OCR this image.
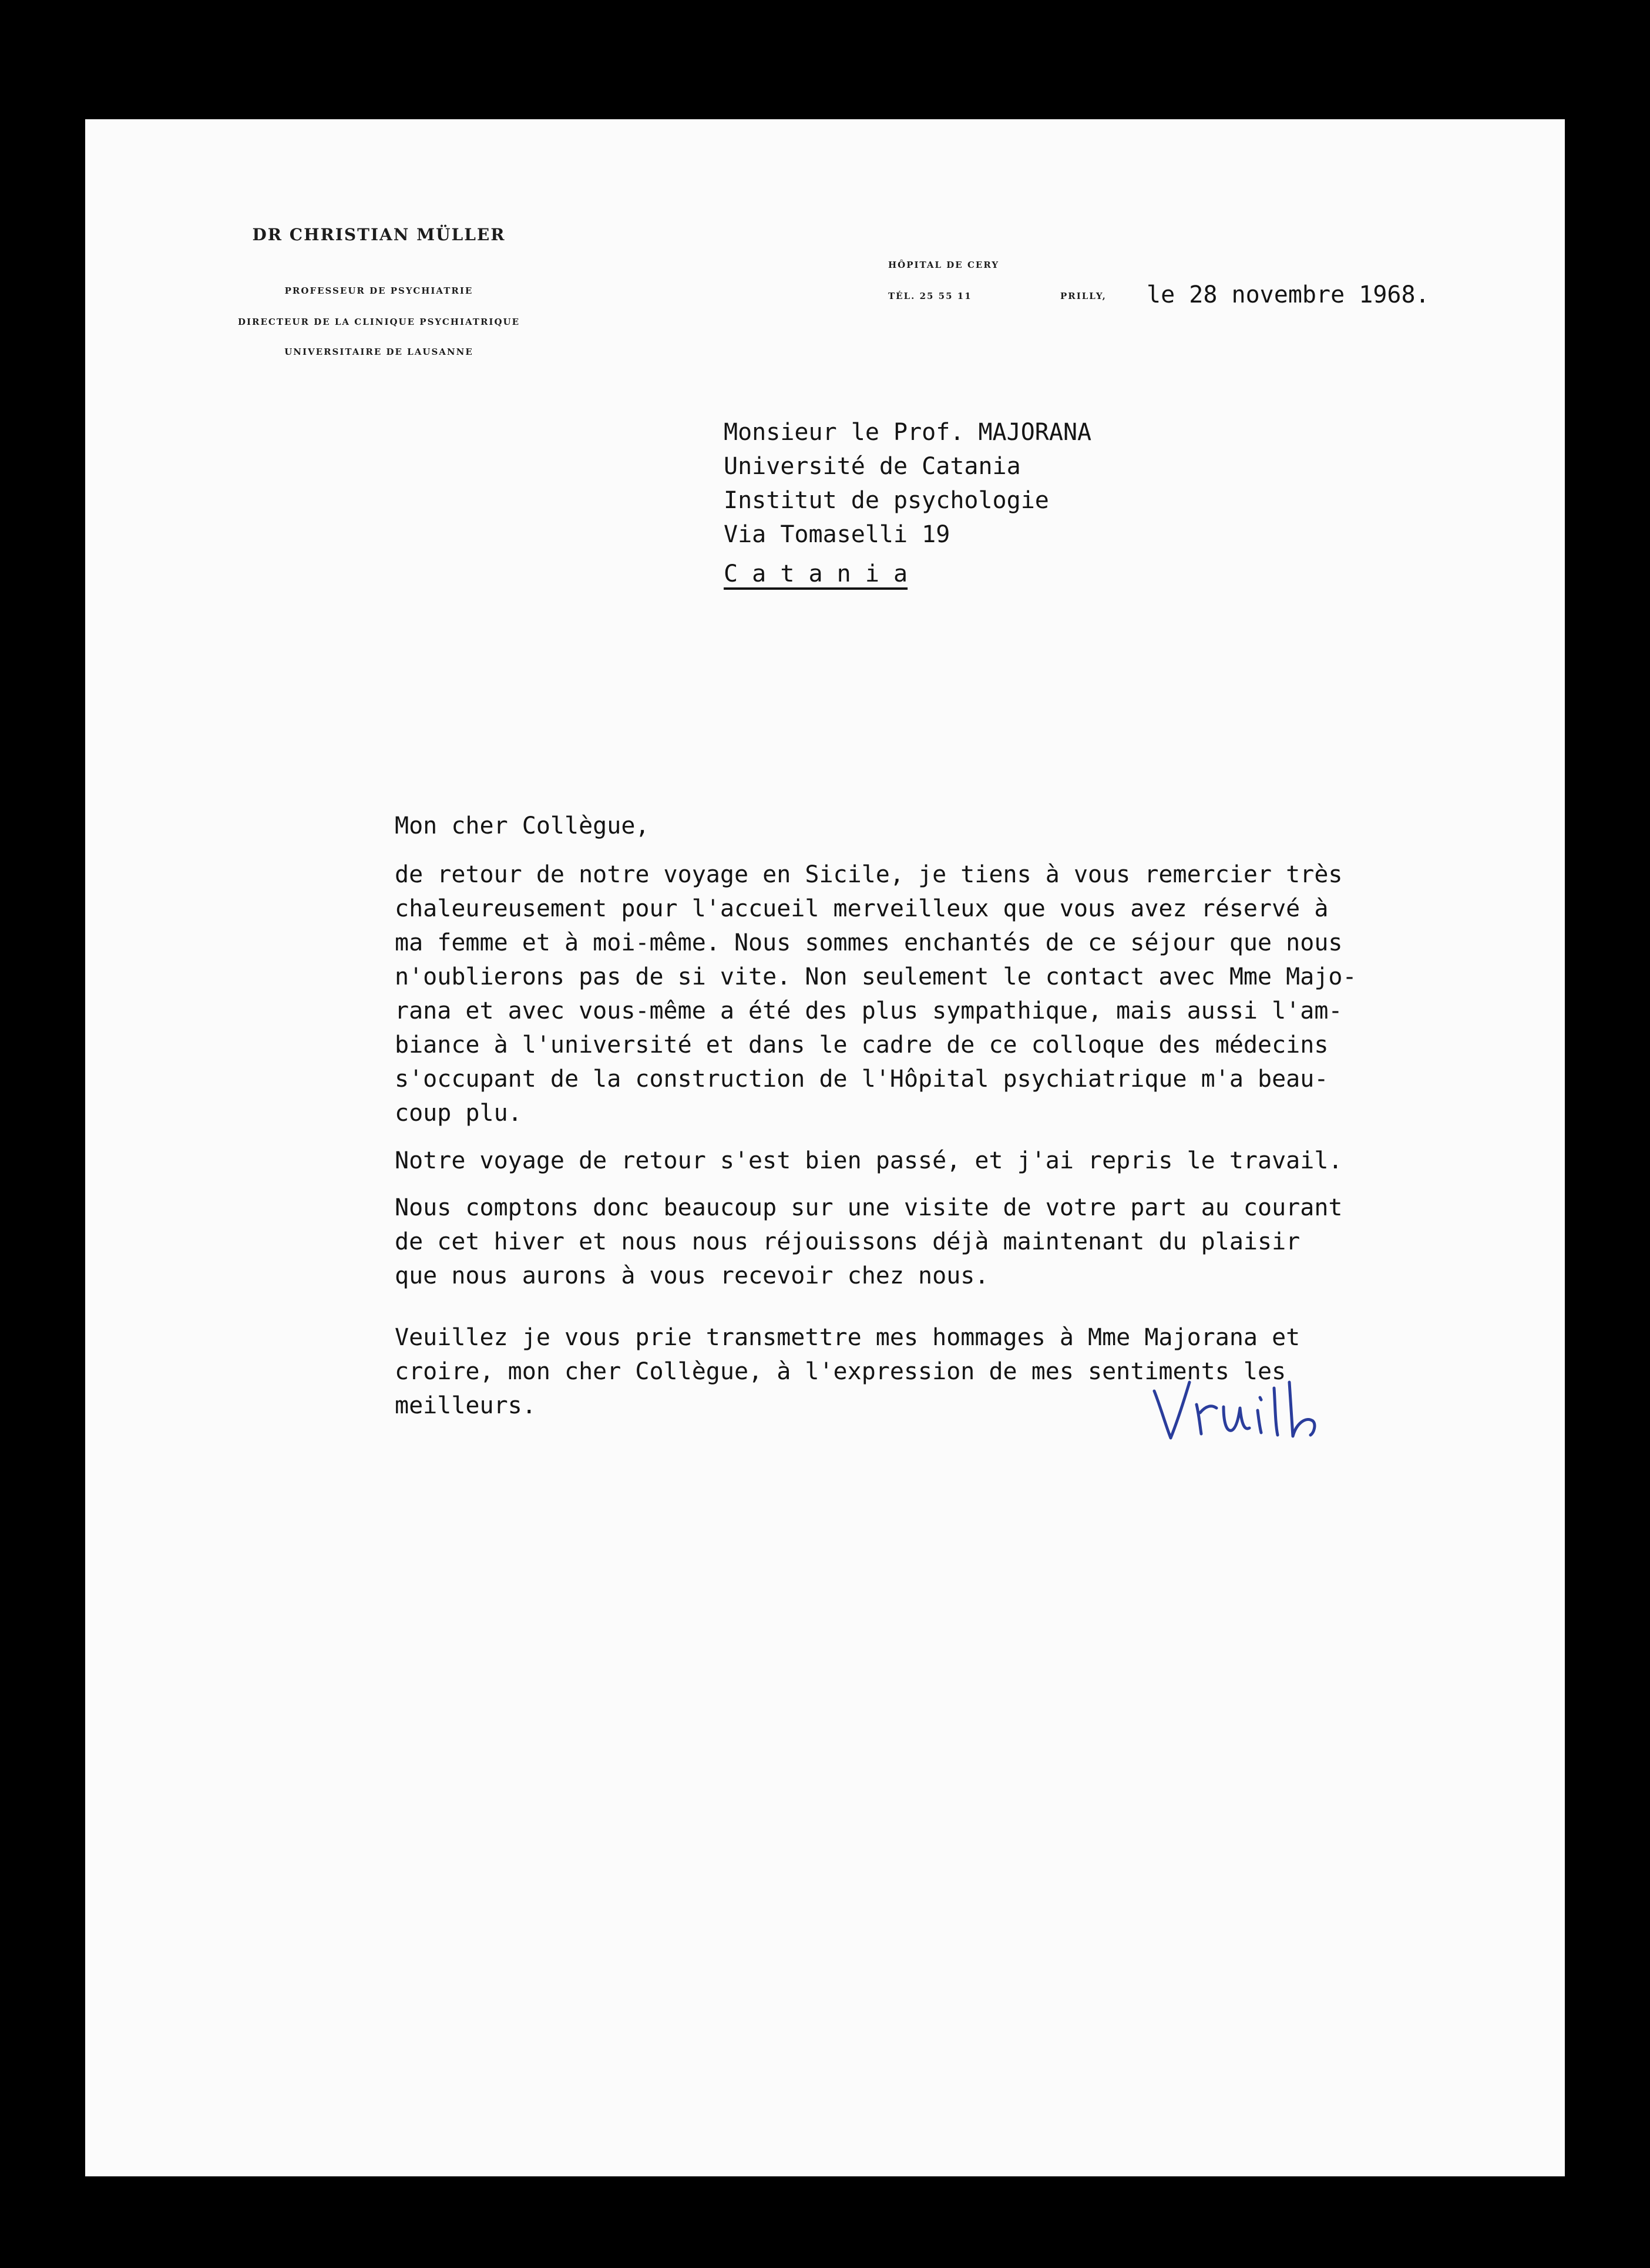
DR CHRISTIAN MÜLLER
PROFESSEUR DE PSYCHIATRIE
DIRECTEUR DE LA CLINIQUE PSYCHIATRIQUE
UNIVERSITAIRE DE LAUSANNE
HÔPITAL DE CERY
TÉL. 25 55 11	PRILLY, le 28 novembre 1968.
Monsieur le Prof. MAJORANA
Université de Catania
Institut de psychologie
Via Tomaselli 19
C a t a n i a
Mon cher Collègue,

de retour de notre voyage en Sicile, je tiens à vous remercier très
chaleureusement pour l'accueil merveilleux que vous avez réservé à
ma femme et à moi-même. Nous sommes enchantés de ce séjour que nous
n'oublierons pas de si vite. Non seulement le contact avec Mme Majo-
rana et avec vous-même a été des plus sympathique, mais aussi l'am-
biance à l'université et dans le cadre de ce colloque des médecins
s'occupant de la construction de l'Hôpital psychiatrique m'a beau-
coup plu.

Notre voyage de retour s'est bien passé, et j'ai repris le travail.

Nous comptons donc beaucoup sur une visite de votre part au courant
de cet hiver et nous nous réjouissons déjà maintenant du plaisir
que nous aurons à vous recevoir chez nous.

Veuillez je vous prie transmettre mes hommages à Mme Majorana et
croire, mon cher Collègue, à l'expression de mes sentiments les
meilleurs.
